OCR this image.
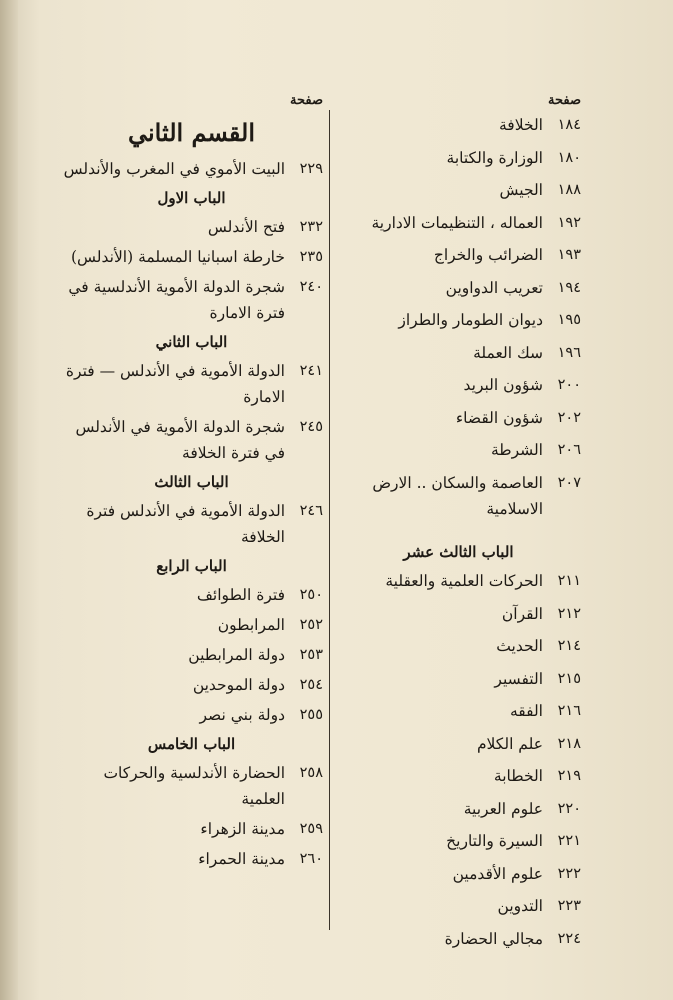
صفحة
١٨٤
الخلافة
١٨٠
الوزارة والكتابة
١٨٨
الجيش
١٩٢
العماله ، التنظيمات الادارية
١٩٣
الضرائب والخراج
١٩٤
تعريب الدواوين
١٩٥
ديوان الطومار والطراز
١٩٦
سك العملة
٢٠٠
شؤون البريد
٢٠٢
شؤون القضاء
٢٠٦
الشرطة
٢٠٧
العاصمة والسكان .. الارض الاسلامية
الباب الثالث عشر
٢١١
الحركات العلمية والعقلية
٢١٢
القرآن
٢١٤
الحديث
٢١٥
التفسير
٢١٦
الفقه
٢١٨
علم الكلام
٢١٩
الخطابة
٢٢٠
علوم العربية
٢٢١
السيرة والتاريخ
٢٢٢
علوم الأقدمين
٢٢٣
التدوين
٢٢٤
مجالي الحضارة
صفحة
القسم الثاني
٢٢٩
البيت الأموي في المغرب والأندلس
الباب الاول
٢٣٢
فتح الأندلس
٢٣٥
خارطة اسبانيا المسلمة (الأندلس)
٢٤٠
شجرة الدولة الأموية الأندلسية في فترة الامارة
الباب الثاني
٢٤١
الدولة الأموية في الأندلس — فترة الامارة
٢٤٥
شجرة الدولة الأموية في الأندلس في فترة الخلافة
الباب الثالث
٢٤٦
الدولة الأموية في الأندلس فترة الخلافة
الباب الرابع
٢٥٠
فترة الطوائف
٢٥٢
المرابطون
٢٥٣
دولة المرابطين
٢٥٤
دولة الموحدين
٢٥٥
دولة بني نصر
الباب الخامس
٢٥٨
الحضارة الأندلسية والحركات العلمية
٢٥٩
مدينة الزهراء
٢٦٠
مدينة الحمراء
